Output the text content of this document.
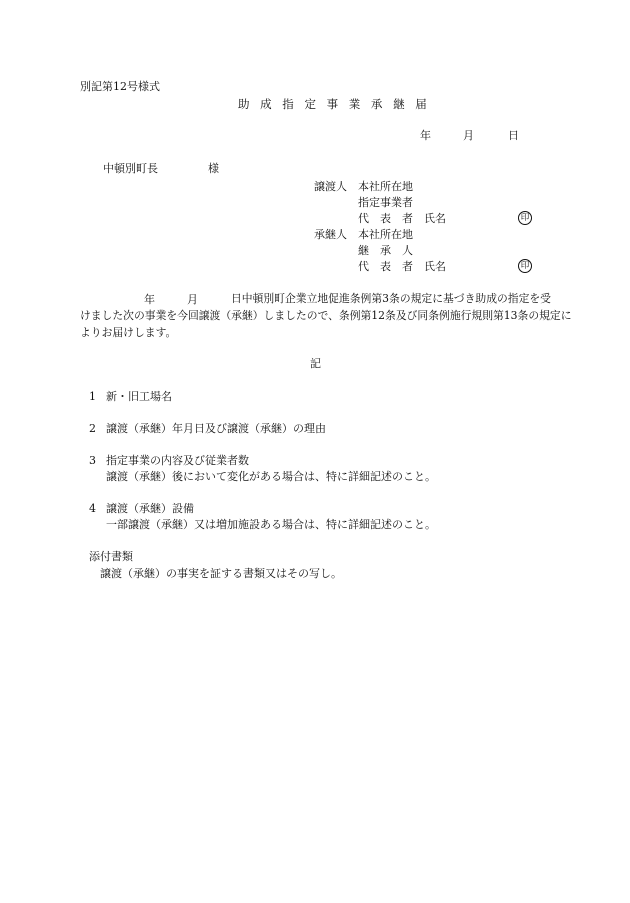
別記第12号様式
助 成 指 定 事 業 承 継 届
年	月	日
中頓別町長	様
譲渡人 本社所在地
指定事業者
代　表　者　氏名	印
承継人 本社所在地
継　承　人
代　表　者　氏名	印
年	月	日中頓別町企業立地促進条例第3条の規定に基づき助成の指定を受
けました次の事業を今回譲渡（承継）しましたので、条例第12条及び同条例施行規則第13条の規定に
よりお届けします。
記
1 新・旧工場名
2 譲渡（承継）年月日及び譲渡（承継）の理由
3 指定事業の内容及び従業者数
譲渡（承継）後において変化がある場合は、特に詳細記述のこと。
4 譲渡（承継）設備
一部譲渡（承継）又は増加施設ある場合は、特に詳細記述のこと。
添付書類
譲渡（承継）の事実を証する書類又はその写し。
